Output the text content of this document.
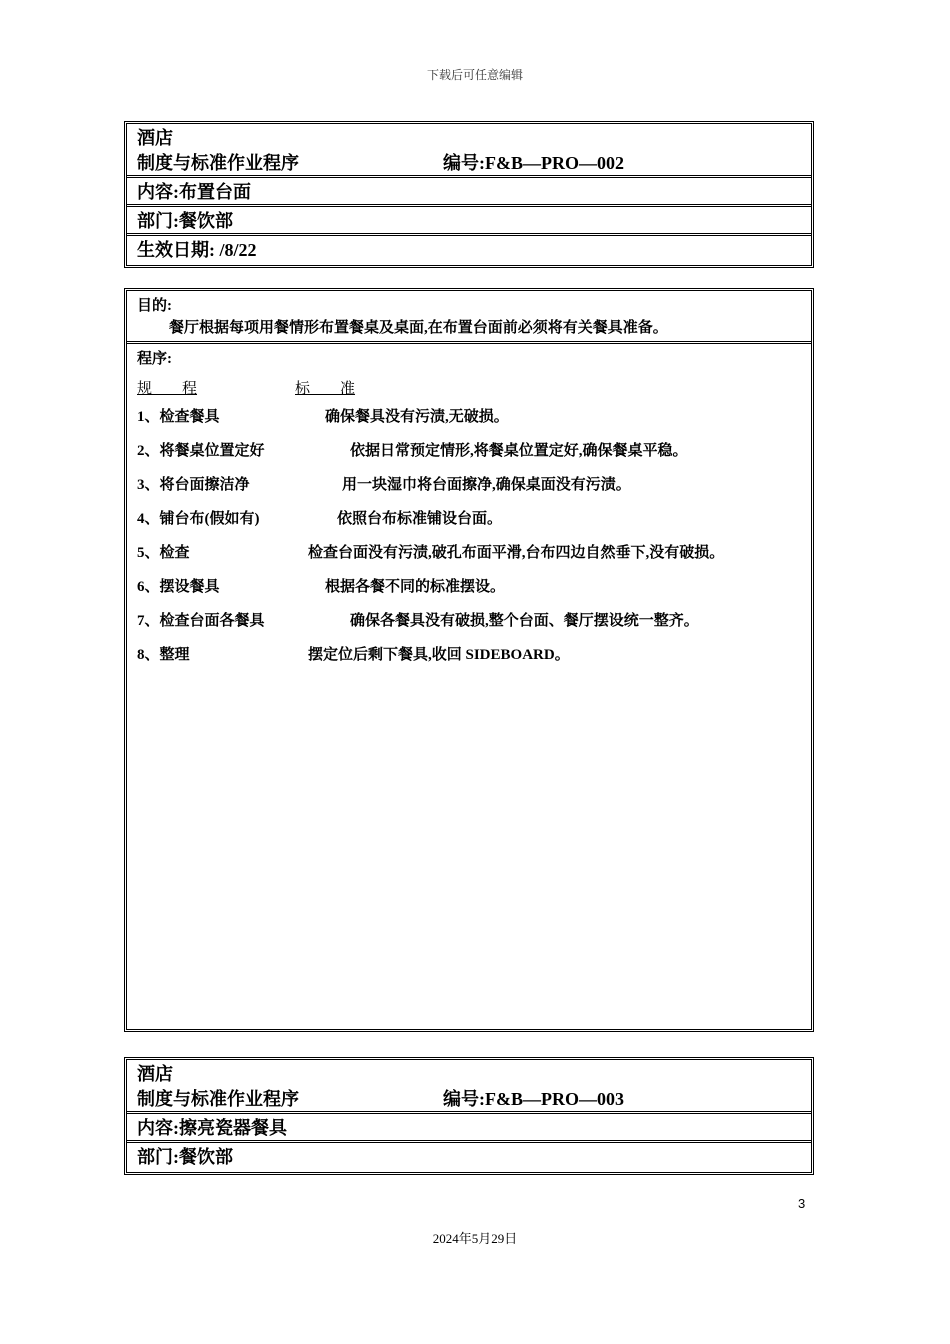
下载后可任意编辑
酒店
制度与标准作业程序	编号:F&B—PRO—002
内容:布置台面
部门:餐饮部
生效日期: /8/22
目的:
餐厅根据每项用餐情形布置餐桌及桌面,在布置台面前必须将有关餐具准备。
程序:
规　　程	标　　准
1、检查餐具	确保餐具没有污渍,无破损。
2、将餐桌位置定好	依据日常预定情形,将餐桌位置定好,确保餐桌平稳。
3、将台面擦洁净	用一块湿巾将台面擦净,确保桌面没有污渍。
4、铺台布(假如有)	依照台布标准铺设台面。
5、检查	检查台面没有污渍,破孔布面平滑,台布四边自然垂下,没有破损。
6、摆设餐具	根据各餐不同的标准摆设。
7、检查台面各餐具	确保各餐具没有破损,整个台面、餐厅摆设统一整齐。
8、整理	摆定位后剩下餐具,收回 SIDEBOARD。
酒店
制度与标准作业程序	编号:F&B—PRO—003
内容:擦亮瓷器餐具
部门:餐饮部
3
2024年5月29日
